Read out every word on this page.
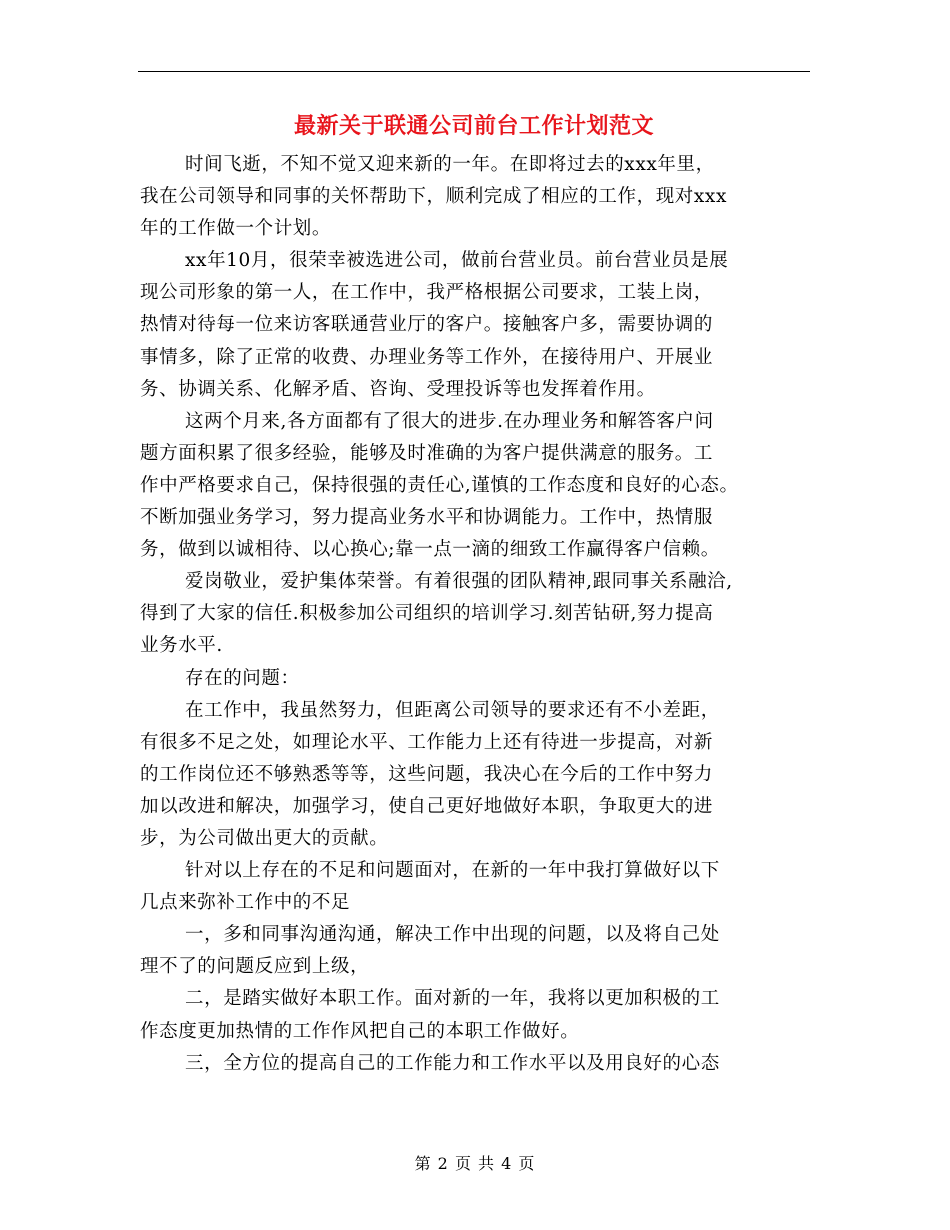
最新关于联通公司前台工作计划范文
时间飞逝，不知不觉又迎来新的一年。在即将过去的xxx年里，
我在公司领导和同事的关怀帮助下，顺利完成了相应的工作，现对xxx
年的工作做一个计划。
xx年10月，很荣幸被选进公司，做前台营业员。前台营业员是展
现公司形象的第一人，在工作中，我严格根据公司要求，工装上岗，
热情对待每一位来访客联通营业厅的客户。接触客户多，需要协调的
事情多，除了正常的收费、办理业务等工作外，在接待用户、开展业
务、协调关系、化解矛盾、咨询、受理投诉等也发挥着作用。
这两个月来,各方面都有了很大的进步.在办理业务和解答客户问
题方面积累了很多经验，能够及时准确的为客户提供满意的服务。工
作中严格要求自己，保持很强的责任心,谨慎的工作态度和良好的心态。
不断加强业务学习，努力提高业务水平和协调能力。工作中，热情服
务，做到以诚相待、以心换心;靠一点一滴的细致工作赢得客户信赖。
爱岗敬业，爱护集体荣誉。有着很强的团队精神,跟同事关系融洽,
得到了大家的信任.积极参加公司组织的培训学习.刻苦钻研,努力提高
业务水平.
存在的问题：
在工作中，我虽然努力，但距离公司领导的要求还有不小差距，
有很多不足之处，如理论水平、工作能力上还有待进一步提高，对新
的工作岗位还不够熟悉等等，这些问题，我决心在今后的工作中努力
加以改进和解决，加强学习，使自己更好地做好本职，争取更大的进
步，为公司做出更大的贡献。
针对以上存在的不足和问题面对，在新的一年中我打算做好以下
几点来弥补工作中的不足
一，多和同事沟通沟通，解决工作中出现的问题，以及将自己处
理不了的问题反应到上级，
二，是踏实做好本职工作。面对新的一年，我将以更加积极的工
作态度更加热情的工作作风把自己的本职工作做好。
三，全方位的提高自己的工作能力和工作水平以及用良好的心态
第 2 页 共 4 页
